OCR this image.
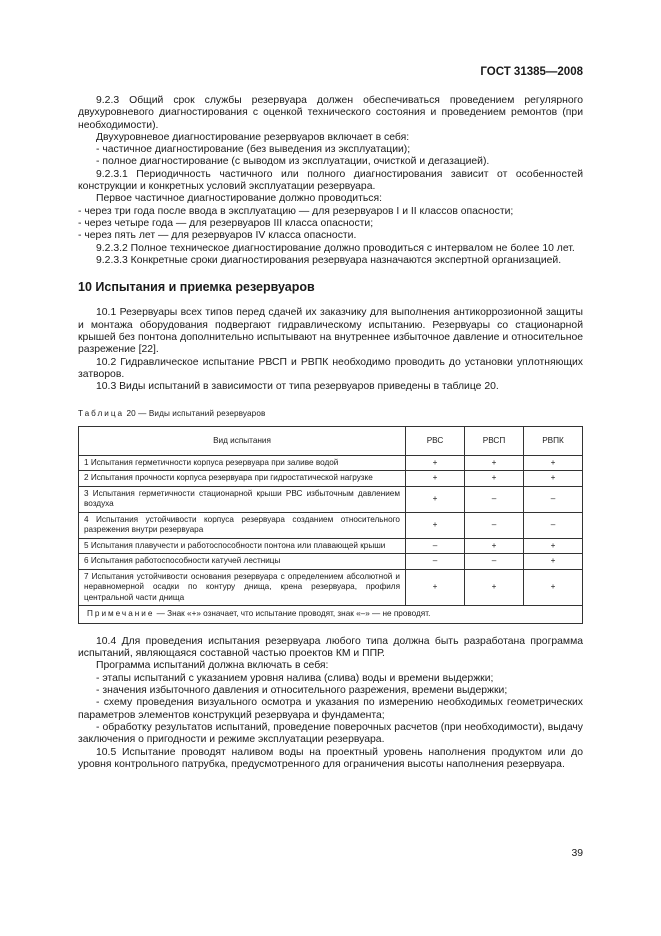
ГОСТ 31385—2008

9.2.3 Общий срок службы резервуара должен обеспечиваться проведением регулярного двухуровневого диагностирования с оценкой технического состояния и проведением ремонтов (при необходимости).

Двухуровневое диагностирование резервуаров включает в себя:

- частичное диагностирование (без выведения из эксплуатации);

- полное диагностирование (с выводом из эксплуатации, очисткой и дегазацией).

9.2.3.1 Периодичность частичного или полного диагностирования зависит от особенностей конструкции и конкретных условий эксплуатации резервуара.

Первое частичное диагностирование должно проводиться:

- через три года после ввода в эксплуатацию — для резервуаров I и II классов опасности;

- через четыре года — для резервуаров III класса опасности;

- через пять лет — для резервуаров IV класса опасности.

9.2.3.2 Полное техническое диагностирование должно проводиться с интервалом не более 10 лет.

9.2.3.3 Конкретные сроки диагностирования резервуара назначаются экспертной организацией.

10 Испытания и приемка резервуаров

10.1 Резервуары всех типов перед сдачей их заказчику для выполнения антикоррозионной защиты и монтажа оборудования подвергают гидравлическому испытанию. Резервуары со стационарной крышей без понтона дополнительно испытывают на внутреннее избыточное давление и относительное разрежение [22].

10.2 Гидравлическое испытание РВСП и РВПК необходимо проводить до установки уплотняющих затворов.

10.3 Виды испытаний в зависимости от типа резервуаров приведены в таблице 20.

Таблица 20 — Виды испытаний резервуаров
Вид испытания	РВС	РВСП	РВПК
1 Испытания герметичности корпуса резервуара при заливе водой	+	+	+
2 Испытания прочности корпуса резервуара при гидростатической нагрузке	+	+	+
3 Испытания герметичности стационарной крыши РВС избыточным давлением воздуха	+	–	–
4 Испытания устойчивости корпуса резервуара созданием относительного разрежения внутри резервуара	+	–	–
5 Испытания плавучести и работоспособности понтона или плавающей крыши	–	+	+
6 Испытания работоспособности катучей лестницы	–	–	+
7 Испытания устойчивости основания резервуара с определением абсолютной и неравномерной осадки по контуру днища, крена резервуара, профиля центральной части днища	+	+	+
Примечание — Знак «+» означает, что испытание проводят, знак «–» — не проводят.			

10.4 Для проведения испытания резервуара любого типа должна быть разработана программа испытаний, являющаяся составной частью проектов КМ и ППР.

Программа испытаний должна включать в себя:

- этапы испытаний с указанием уровня налива (слива) воды и времени выдержки;

- значения избыточного давления и относительного разрежения, времени выдержки;

- схему проведения визуального осмотра и указания по измерению необходимых геометрических параметров элементов конструкций резервуара и фундамента;

- обработку результатов испытаний, проведение поверочных расчетов (при необходимости), выдачу заключения о пригодности и режиме эксплуатации резервуара.

10.5 Испытание проводят наливом воды на проектный уровень наполнения продуктом или до уровня контрольного патрубка, предусмотренного для ограничения высоты наполнения резервуара.

39
